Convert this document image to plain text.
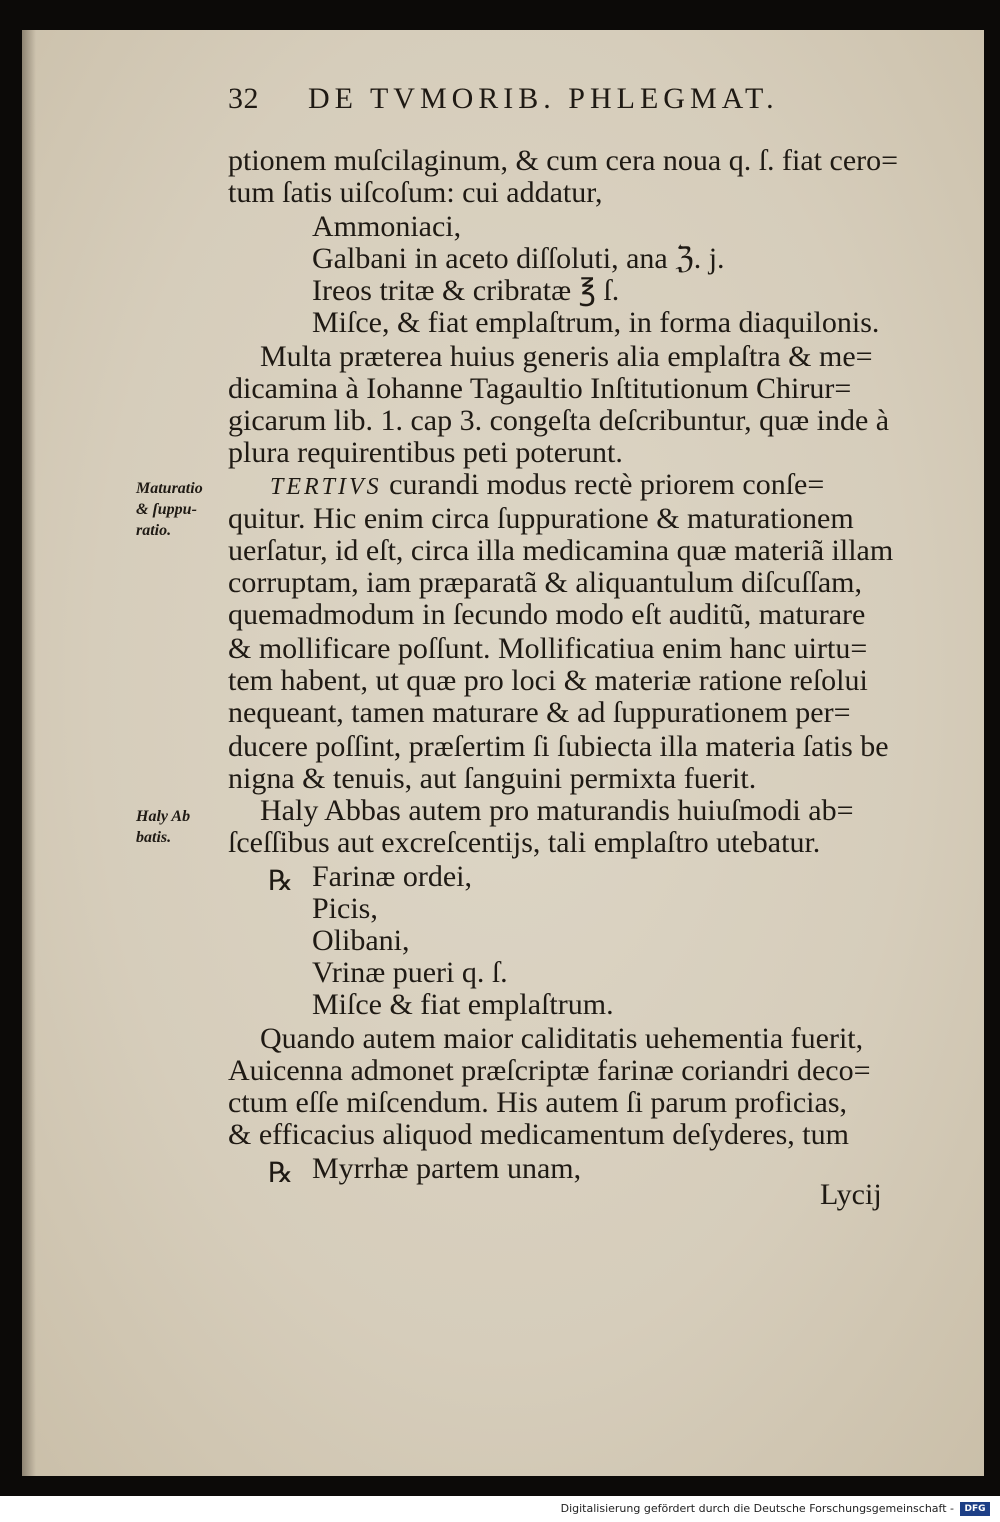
32 DE TVMORIB. PHLEGMAT.
ptionem muſcilaginum, & cum cera noua q. ſ. fiat cero=
tum ſatis uiſcoſum: cui addatur,
Ammoniaci,
Galbani in aceto diſſoluti, ana ℨ. j.
Ireos tritæ & cribratæ ℥ ſ.
Miſce, & fiat emplaſtrum, in forma diaquilonis.
Multa præterea huius generis alia emplaſtra & me=
dicamina à Iohanne Tagaultio Inſtitutionum Chirur=
gicarum lib. 1. cap 3. congeſta deſcribuntur, quæ inde à
plura requirentibus peti poterunt.
TERTIVS curandi modus rectè priorem conſe=
quitur. Hic enim circa ſuppuratione & maturationem
uerſatur, id eſt, circa illa medicamina quæ materiã illam
corruptam, iam præparatã & aliquantulum diſcuſſam,
quemadmodum in ſecundo modo eſt auditũ, maturare
& mollificare poſſunt. Mollificatiua enim hanc uirtu=
tem habent, ut quæ pro loci & materiæ ratione reſolui
nequeant, tamen maturare & ad ſuppurationem per=
ducere poſſint, præſertim ſi ſubiecta illa materia ſatis be
nigna & tenuis, aut ſanguini permixta fuerit.
Haly Abbas autem pro maturandis huiuſmodi ab=
ſceſſibus aut excreſcentijs, tali emplaſtro utebatur.
℞ Farinæ ordei,
Picis,
Olibani,
Vrinæ pueri q. ſ.
Miſce & fiat emplaſtrum.
Quando autem maior caliditatis uehementia fuerit,
Auicenna admonet præſcriptæ farinæ coriandri deco=
ctum eſſe miſcendum. His autem ſi parum proficias,
& efficacius aliquod medicamentum deſyderes, tum
℞ Myrrhæ partem unam,
Lycij
Maturatio
& ſuppu-
ratio.
Haly Ab
batis.
Digitalisierung gefördert durch die Deutsche Forschungsgemeinschaft -	DFG
